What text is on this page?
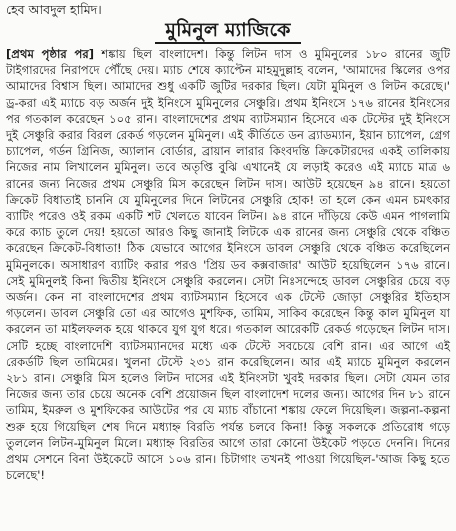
হেব আবদুল হামিদ।
মুমিনুল ম্যাজিকে

[প্রথম পৃষ্ঠার পর] শঙ্কায় ছিল বাংলাদেশ। কিন্তু লিটন দাস ও মুমিনুলের ১৮০ রানের জুটি টাইগারদের নিরাপদে পৌঁছে দেয়। ম্যাচ শেষে ক্যাপ্টেন মাহমুদুল্লাহ বলেন, 'আমাদের স্কিলের ওপর আমাদের বিশ্বাস ছিল। আমাদের শুধু একটি জুটির দরকার ছিল। যেটা মুমিনুল ও লিটন করেছে।' ড্র-করা এই ম্যাচে বড় অর্জন দুই ইনিংসে মুমিনুলের সেঞ্চুরি। প্রথম ইনিংসে ১৭৬ রানের ইনিংসের পর গতকাল করেছেন ১০৫ রান। বাংলাদেশের প্রথম ব্যাটসম্যান হিসেবে এক টেস্টের দুই ইনিংসে দুই সেঞ্চুরি করার বিরল রেকর্ড গড়লেন মুমিনুল। এই কীর্তিতে ডন ব্র্যাডম্যান, ইয়ান চ্যাপেল, গ্রেগ চ্যাপেল, গর্ডন গ্রিনিজ, অ্যালান বোর্ডার, ব্রায়ান লারার কিংবদন্তি ক্রিকেটারদের একই তালিকায় নিজের নাম লিখালেন মুমিনুল। তবে অতৃপ্তি বুঝি এখানেই যে লড়াই করেও এই ম্যাচে মাত্র ৬ রানের জন্য নিজের প্রথম সেঞ্চুরি মিস করেছেন লিটন দাস। আউট হয়েছেন ৯৪ রানে। হয়তো ক্রিকেট বিধাতাই চাননি যে মুমিনুলের দিনে লিটনের সেঞ্চুরি হোক! তা হলে কেন এমন চমৎকার ব্যাটিং পরেও ওই রকম একটি শট খেলতে যাবেন লিটন। ৯৪ রানে দাঁড়িয়ে কেউ এমন পাগলামি করে ক্যাচ তুলে দেয়! হয়তো আরও কিছু জানাই লিটকে এক রানের জন্য সেঞ্চুরি থেকে বঞ্চিত করেছেন ক্রিকেট-বিধাতা! ঠিক যেভাবে আগের ইনিংসে ডাবল সেঞ্চুরি থেকে বঞ্চিত করেছিলেন মুমিনুলকে। অসাধারণ ব্যাটিং করার পরও 'প্রিয় ডব কক্সবাজার' আউট হয়েছিলেন ১৭৬ রানে। সেই মুমিনুলই কিনা দ্বিতীয় ইনিংসে সেঞ্চুরি করলেন। সেটা নিঃসন্দেহে ডাবল সেঞ্চুরির চেয়ে বড় অর্জন। কেন না বাংলাদেশের প্রথম ব্যাটসম্যান হিসেবে এক টেস্টে জোড়া সেঞ্চুরির ইতিহাস গড়লেন। ডাবল সেঞ্চুরি তো এর আগেও মুশফিক, তামিম, সাকিব করেছেন কিন্তু কাল মুমিনুল যা করলেন তা মাইলফলক হয়ে থাকবে যুগ যুগ ধরে। গতকাল আরেকটি রেকর্ড গড়েছেন লিটন দাস। সেটি হচ্ছে বাংলাদেশি ব্যাটসম্যানদের মধ্যে এক টেস্টে সবচেয়ে বেশি রান। এর আগে এই রেকর্ডটি ছিল তামিমের। খুলনা টেস্টে ২৩১ রান করেছিলেন। আর এই ম্যাচে মুমিনুল করলেন ২৮১ রান। সেঞ্চুরি মিস হলেও লিটন দাসের এই ইনিংসটা খুবই দরকার ছিল। সেটা যেমন তার নিজের জন্য তার চেয়ে অনেক বেশি প্রয়োজন ছিল বাংলাদেশ দলের জন্য। আগের দিন ৮১ রানে তামিম, ইমরুল ও মুশফিকের আউটের পর যে ম্যাচ বাঁচানো শঙ্কায় ফেলে দিয়েছিল। জল্পনা-কল্পনা শুরু হয়ে গিয়েছিল শেষ দিনে মধ্যাহ্ন বিরতি পর্যন্ত চলবে কিনা! কিন্তু সকলকে প্রতিরোধ গড়ে তুললেন লিটন-মুমিনুল মিলে। মধ্যাহ্ন বিরতির আগে তারা কোনো উইকেট পড়তে দেননি। দিনের প্রথম সেশনে বিনা উইকেটে আসে ১০৬ রান। চিটাগাং তখনই পাওয়া গিয়েছিল-'আজ কিছু হতে চলেছে'!
